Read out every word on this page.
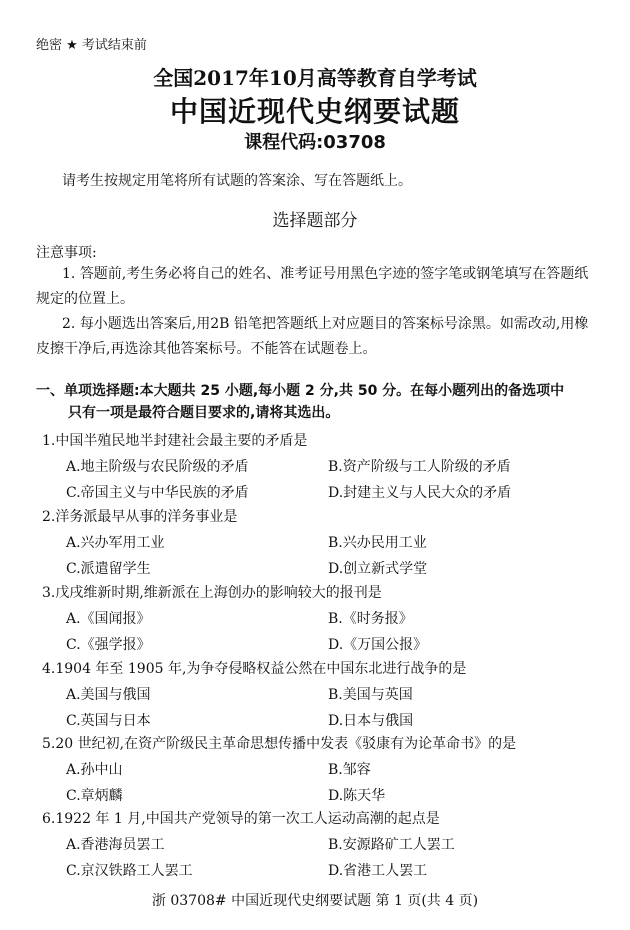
绝密 ★ 考试结束前
全国2017年10月高等教育自学考试
中国近现代史纲要试题
课程代码:03708
请考生按规定用笔将所有试题的答案涂、写在答题纸上。
选择题部分
注意事项:
1. 答题前,考生务必将自己的姓名、准考证号用黑色字迹的签字笔或钢笔填写在答题纸
规定的位置上。
2. 每小题选出答案后,用2B 铅笔把答题纸上对应题目的答案标号涂黑。如需改动,用橡
皮擦干净后,再选涂其他答案标号。不能答在试题卷上。
一、单项选择题:本大题共 25 小题,每小题 2 分,共 50 分。在每小题列出的备选项中
只有一项是最符合题目要求的,请将其选出。
1.中国半殖民地半封建社会最主要的矛盾是
A.地主阶级与农民阶级的矛盾	B.资产阶级与工人阶级的矛盾
C.帝国主义与中华民族的矛盾	D.封建主义与人民大众的矛盾
2.洋务派最早从事的洋务事业是
A.兴办军用工业	B.兴办民用工业
C.派遣留学生	D.创立新式学堂
3.戊戌维新时期,维新派在上海创办的影响较大的报刊是
A.《国闻报》	B.《时务报》
C.《强学报》	D.《万国公报》
4.1904 年至 1905 年,为争夺侵略权益公然在中国东北进行战争的是
A.美国与俄国	B.美国与英国
C.英国与日本	D.日本与俄国
5.20 世纪初,在资产阶级民主革命思想传播中发表《驳康有为论革命书》的是
A.孙中山	B.邹容
C.章炳麟	D.陈天华
6.1922 年 1 月,中国共产党领导的第一次工人运动高潮的起点是
A.香港海员罢工	B.安源路矿工人罢工
C.京汉铁路工人罢工	D.省港工人罢工
浙 03708# 中国近现代史纲要试题 第 1 页(共 4 页)
